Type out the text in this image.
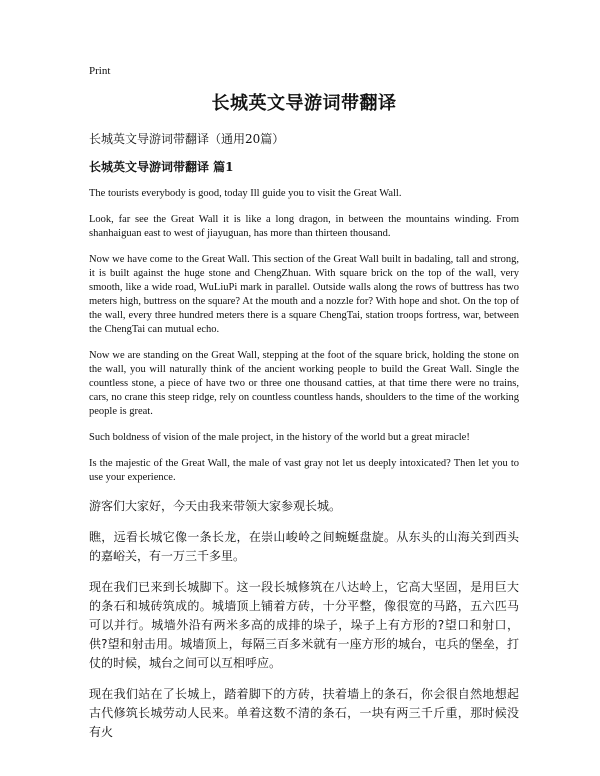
Print
长城英文导游词带翻译
长城英文导游词带翻译（通用20篇）
长城英文导游词带翻译 篇1

The tourists everybody is good, today Ill guide you to visit the Great Wall.

Look, far see the Great Wall it is like a long dragon, in between the mountains winding. From shanhaiguan east to west of jiayuguan, has more than thirteen thousand.

Now we have come to the Great Wall. This section of the Great Wall built in badaling, tall and strong, it is built against the huge stone and ChengZhuan. With square brick on the top of the wall, very smooth, like a wide road, WuLiuPi mark in parallel. Outside walls along the rows of buttress has two meters high, buttress on the square? At the mouth and a nozzle for? With hope and shot. On the top of the wall, every three hundred meters there is a square ChengTai, station troops fortress, war, between the ChengTai can mutual echo.

Now we are standing on the Great Wall, stepping at the foot of the square brick, holding the stone on the wall, you will naturally think of the ancient working people to build the Great Wall. Single the countless stone, a piece of have two or three one thousand catties, at that time there were no trains, cars, no crane this steep ridge, rely on countless countless hands, shoulders to the time of the working people is great.

Such boldness of vision of the male project, in the history of the world but a great miracle!

Is the majestic of the Great Wall, the male of vast gray not let us deeply intoxicated? Then let you to use your experience.

游客们大家好，今天由我来带领大家参观长城。

瞧，远看长城它像一条长龙，在崇山峻岭之间蜿蜒盘旋。从东头的山海关到西头的嘉峪关，有一万三千多里。

现在我们已来到长城脚下。这一段长城修筑在八达岭上，它高大坚固，是用巨大的条石和城砖筑成的。城墙顶上铺着方砖，十分平整，像很宽的马路，五六匹马可以并行。城墙外沿有两米多高的成排的垛子，垛子上有方形的?望口和射口，供?望和射击用。城墙顶上，每隔三百多米就有一座方形的城台，屯兵的堡垒，打仗的时候，城台之间可以互相呼应。

现在我们站在了长城上，踏着脚下的方砖，扶着墙上的条石，你会很自然地想起古代修筑长城劳动人民来。单着这数不清的条石，一块有两三千斤重，那时候没有火
